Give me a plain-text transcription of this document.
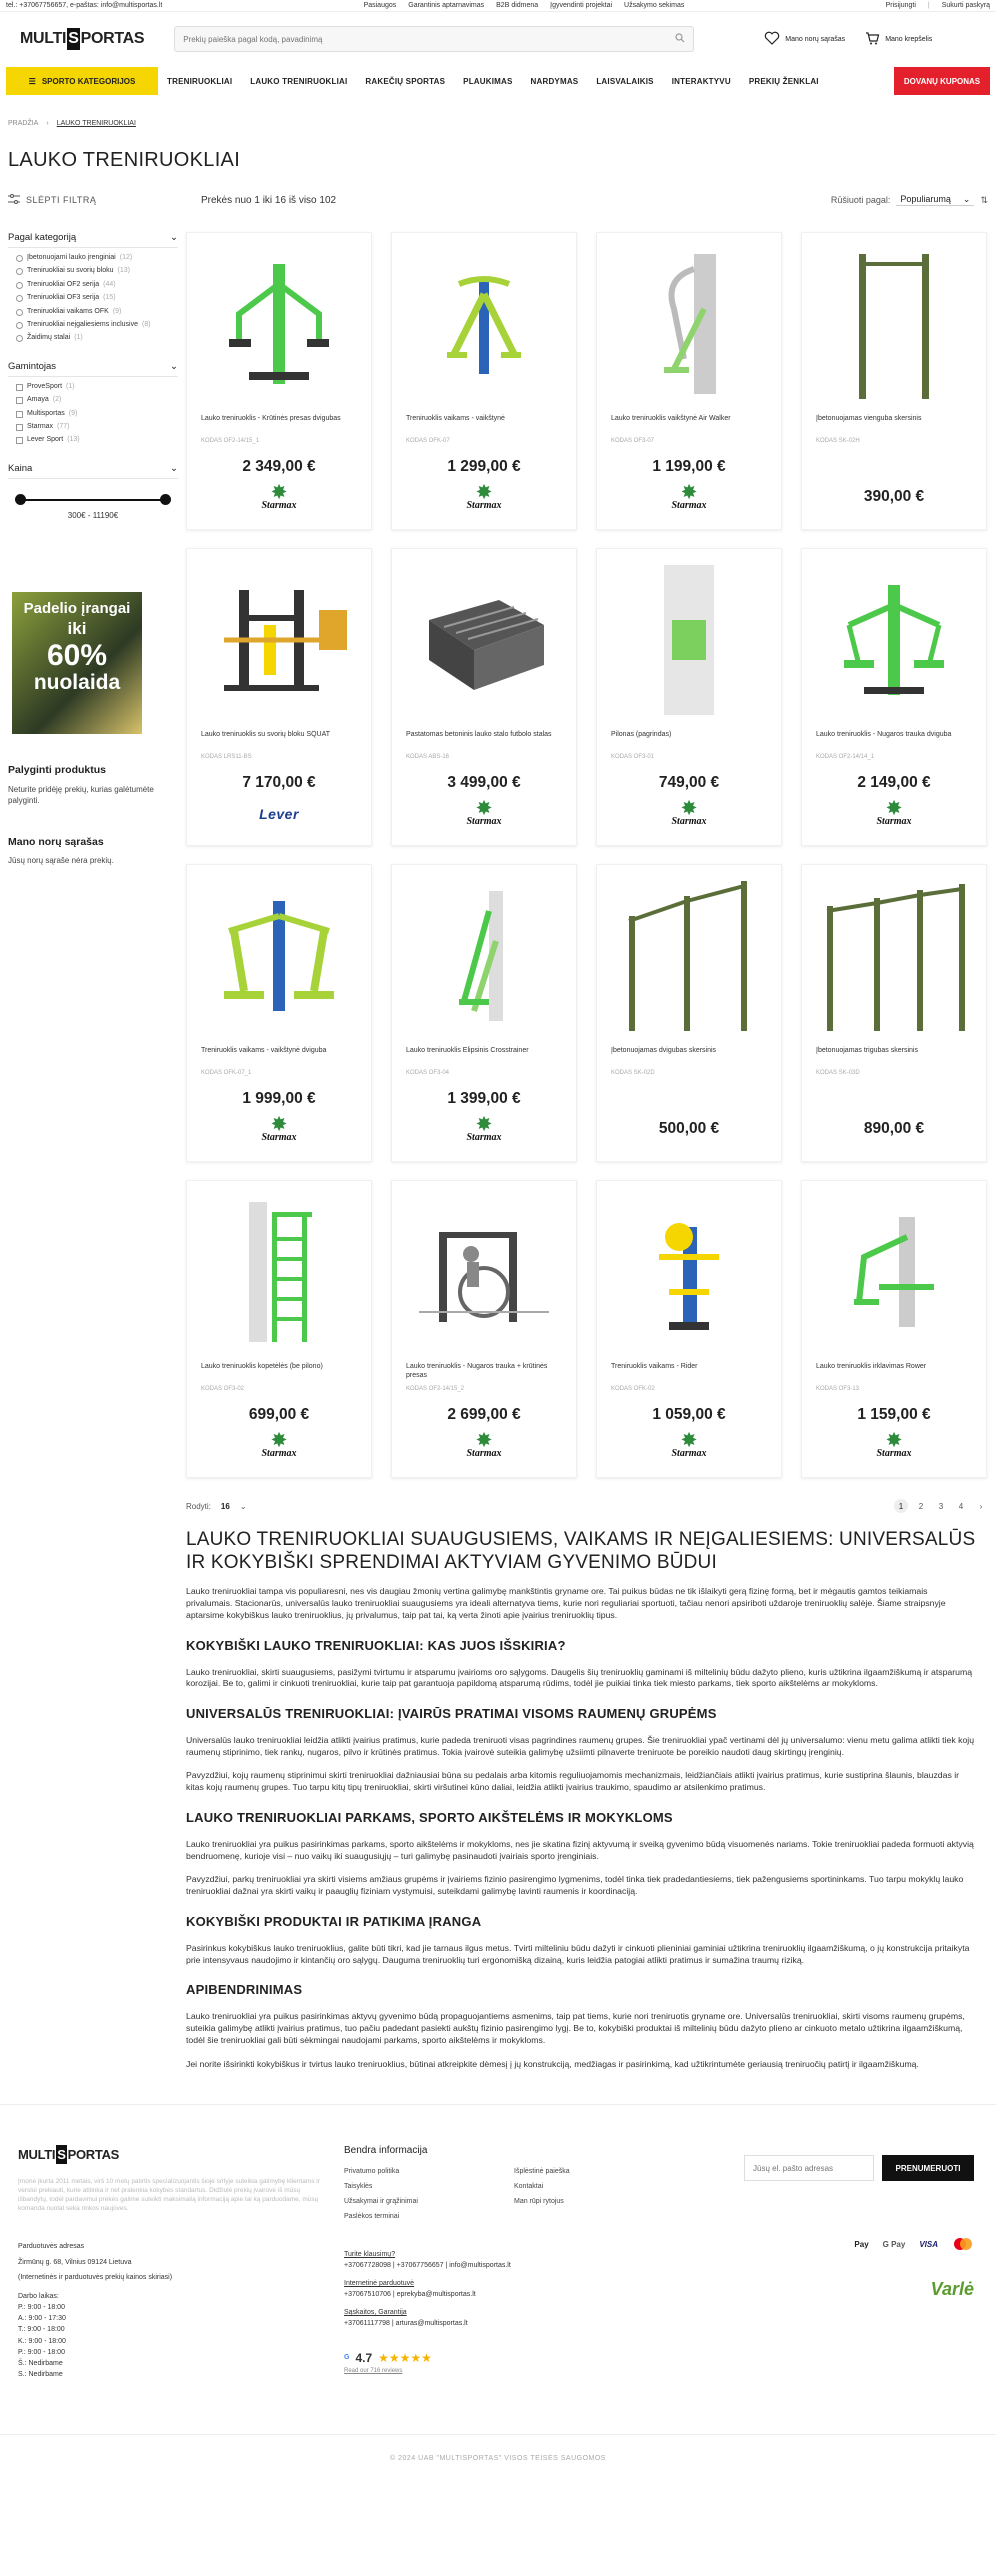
tel.: +37067756657, e-paštas: info@multisportas.lt	Pasiaugos Garantinis aptarnavimas B2B didmena Įgyvendinti projektai Užsakymo sekimas	Prisijungti | Sukurti paskyrą
MULTI S PORTAS
Prekių paieška pagal kodą, pavadinimą	Mano norų sąrašas	Mano krepšelis
☰ SPORTO KATEGORIJOS	TRENIRUOKLIAI	LAUKO TRENIRUOKLIAI	RAKEČIŲ SPORTAS	PLAUKIMAS	NARDYMAS	LAISVALAIKIS	INTERAKTYVU	PREKIŲ ŽENKLAI	DOVANŲ KUPONAS
PRADŽIA › LAUKO TRENIRUOKLIAI
LAUKO TRENIRUOKLIAI
SLĖPTI FILTRĄ	Prekės nuo 1 iki 16 iš viso 102	Rūšiuoti pagal: Populiarumą ⌄ ⇅
Pagal kategoriją	⌄
Įbetonuojami lauko įrenginiai (12)
Treniruokliai su svorių bloku (13)
Treniruokliai OF2 serija (44)
Treniruokliai OF3 serija (15)
Treniruokliai vaikams OFK (9)
Treniruokliai neįgaliesiems inclusive (8)
Žaidimų stalai (1)
Gamintojas	⌄
ProveSport (1)
Amaya (2)
Multisportas (9)
Starmax (77)
Lever Sport (13)
Kaina	⌄
300€ - 11190€
Padelio įrangai
iki
60%
nuolaida
Palyginti produktus

Neturite pridėję prekių, kurias galėtumėte palyginti.

Mano norų sąrašas

Jūsų norų sąraše nėra prekių.

Lauko treniruoklis - Krūtinės presas dvigubas
KODAS OF2-14/15_1
2 349,00 €
✸
Starmax
Treniruoklis vaikams - vaikštynė
KODAS OFK-07
1 299,00 €
✸
Starmax
Lauko treniruoklis vaikštynė Air Walker
KODAS OF3-07
1 199,00 €
✸
Starmax
Įbetonuojamas vienguba skersinis
KODAS SK-02H
390,00 €
Lauko treniruoklis su svorių bloku SQUAT
KODAS LRS11-BS
7 170,00 €
Lever
Pastatomas betoninis lauko stalo futbolo stalas
KODAS ABS-16
3 499,00 €
✸
Starmax
Pilonas (pagrindas)
KODAS OF3-01
749,00 €
✸
Starmax
Lauko treniruoklis - Nugaros trauka dviguba
KODAS OF2-14/14_1
2 149,00 €
✸
Starmax
Treniruoklis vaikams - vaikštynė dviguba
KODAS OFK-07_1
1 999,00 €
✸
Starmax
Lauko treniruoklis Elipsinis Crosstrainer
KODAS OF3-04
1 399,00 €
✸
Starmax
Įbetonuojamas dvigubas skersinis
KODAS SK-02D
500,00 €
Įbetonuojamas trigubas skersinis
KODAS SK-03D
890,00 €
Lauko treniruoklis kopetėlės (be pilono)
KODAS OF3-02
699,00 €
✸
Starmax
Lauko treniruoklis - Nugaros trauka + krūtinės presas
KODAS OF2-14/15_2
2 699,00 €
✸
Starmax
Treniruoklis vaikams - Rider
KODAS OFK-02
1 059,00 €
✸
Starmax
Lauko treniruoklis irklavimas Rower
KODAS OF3-13
1 159,00 €
✸
Starmax
Rodyti: 16 ⌄	1	2	3	4	›
LAUKO TRENIRUOKLIAI SUAUGUSIEMS, VAIKAMS IR NEĮGALIESIEMS: UNIVERSALŪS IR KOKYBIŠKI SPRENDIMAI AKTYVIAM GYVENIMO BŪDUI

Lauko treniruokliai tampa vis populiaresni, nes vis daugiau žmonių vertina galimybę mankštintis gryname ore. Tai puikus būdas ne tik išlaikyti gerą fizinę formą, bet ir mėgautis gamtos teikiamais privalumais. Stacionarūs, universalūs lauko treniruokliai suaugusiems yra ideali alternatyva tiems, kurie nori reguliariai sportuoti, tačiau nenori apsiriboti uždaroje treniruoklių salėje. Šiame straipsnyje aptarsime kokybiškus lauko treniruoklius, jų privalumus, taip pat tai, ką verta žinoti apie įvairius treniruoklių tipus.

KOKYBIŠKI LAUKO TRENIRUOKLIAI: KAS JUOS IŠSKIRIA?

Lauko treniruokliai, skirti suaugusiems, pasižymi tvirtumu ir atsparumu įvairioms oro sąlygoms. Daugelis šių treniruoklių gaminami iš miltelinių būdu dažyto plieno, kuris užtikrina ilgaamžiškumą ir atsparumą korozijai. Be to, galimi ir cinkuoti treniruokliai, kurie taip pat garantuoja papildomą atsparumą rūdims, todėl jie puikiai tinka tiek miesto parkams, tiek sporto aikštelėms ar mokykloms.

UNIVERSALŪS TRENIRUOKLIAI: ĮVAIRŪS PRATIMAI VISOMS RAUMENŲ GRUPĖMS

Universalūs lauko treniruokliai leidžia atlikti įvairius pratimus, kurie padeda treniruoti visas pagrindines raumenų grupes. Šie treniruokliai ypač vertinami dėl jų universalumo: vienu metu galima atlikti tiek kojų raumenų stiprinimo, tiek rankų, nugaros, pilvo ir krūtinės pratimus. Tokia įvairovė suteikia galimybę užsiimti pilnaverte treniruote be poreikio naudoti daug skirtingų įrenginių.

Pavyzdžiui, kojų raumenų stiprinimui skirti treniruokliai dažniausiai būna su pedalais arba kitomis reguliuojamomis mechanizmais, leidžiančiais atlikti įvairius pratimus, kurie sustiprina šlaunis, blauzdas ir kitas kojų raumenų grupes. Tuo tarpu kitų tipų treniruokliai, skirti viršutinei kūno daliai, leidžia atlikti įvairius traukimo, spaudimo ar atsilenkimo pratimus.

LAUKO TRENIRUOKLIAI PARKAMS, SPORTO AIKŠTELĖMS IR MOKYKLOMS

Lauko treniruokliai yra puikus pasirinkimas parkams, sporto aikštelėms ir mokykloms, nes jie skatina fizinį aktyvumą ir sveiką gyvenimo būdą visuomenės nariams. Tokie treniruokliai padeda formuoti aktyvią bendruomenę, kurioje visi – nuo vaikų iki suaugusiųjų – turi galimybę pasinaudoti įvairiais sporto įrenginiais.

Pavyzdžiui, parkų treniruokliai yra skirti visiems amžiaus grupėms ir įvairiems fizinio pasirengimo lygmenims, todėl tinka tiek pradedantiesiems, tiek pažengusiems sportininkams. Tuo tarpu mokyklų lauko treniruokliai dažnai yra skirti vaikų ir paauglių fiziniam vystymuisi, suteikdami galimybę lavinti raumenis ir koordinaciją.

KOKYBIŠKI PRODUKTAI IR PATIKIMA ĮRANGA

Pasirinkus kokybiškus lauko treniruoklius, galite būti tikri, kad jie tarnaus ilgus metus. Tvirti milteliniu būdu dažyti ir cinkuoti plieniniai gaminiai užtikrina treniruoklių ilgaamžiškumą, o jų konstrukcija pritaikyta prie intensyvaus naudojimo ir kintančių oro sąlygų. Dauguma treniruoklių turi ergonomišką dizainą, kuris leidžia patogiai atlikti pratimus ir sumažina traumų riziką.

APIBENDRINIMAS

Lauko treniruokliai yra puikus pasirinkimas aktyvų gyvenimo būdą propaguojantiems asmenims, taip pat tiems, kurie nori treniruotis gryname ore. Universalūs treniruokliai, skirti visoms raumenų grupėms, suteikia galimybę atlikti įvairius pratimus, tuo pačiu padedant pasiekti aukštų fizinio pasirengimo lygį. Be to, kokybiški produktai iš miltelinių būdu dažyto plieno ar cinkuoto metalo užtikrina ilgaamžiškumą, todėl šie treniruokliai gali būti sėkmingai naudojami parkams, sporto aikštelėms ir mokykloms.

Jei norite išsirinkti kokybiškus ir tvirtus lauko treniruoklius, būtinai atkreipkite dėmesį į jų konstrukciją, medžiagas ir pasirinkimą, kad užtikrintumėte geriausią treniruočių patirtį ir ilgaamžiškumą.

MULTI S PORTAS
Įmonė įkurta 2011 metais, virš 10 metų patirtis specializuojantis šioje srityje suteikia galimybę klientams ir verslui prekiauti, kurie atitinka ir net pralenkia kokybės standartus. Didžiulė prekių įvairovė iš mūsų išbandytų, todėl pardavimui prekės galime suteikti maksimalią informaciją apie tai ką parduodame, mūsų komanda nuolat seka rinkos naujoves.
Parduotuvės adresas
Žirmūnų g. 68, Vilnius 09124 Lietuva
(Internetinės ir parduotuvės prekių kainos skiriasi)
Darbo laikas:
P.: 9:00 - 18:00
A.: 9:00 - 17:30
T.: 9:00 - 18:00
K.: 9:00 - 18:00
P.: 9:00 - 18:00
Š.: Nedirbame
S.: Nedirbame
Bendra informacija
Privatumo politika	Išplėstinė paieška
Taisyklės	Kontaktai
Užsakymai ir grąžinimai	Man rūpi rytojus
Paslėkos terminai
Turite klausimų?
+37067728098 | +37067756657 | info@multisportas.lt
Internetinė parduotuvė
+37067510706 | eprekyba@multisportas.lt
Sąskaitos, Garantija
+37061117798 | arturas@multisportas.lt
G 4.7 ★★★★★
Read our 716 reviews
Jūsų el. pašto adresas
PRENUMERUOTI
Pay G Pay VISA
Varlė
© 2024 UAB "MULTISPORTAS" VISOS TEISĖS SAUGOMOS
